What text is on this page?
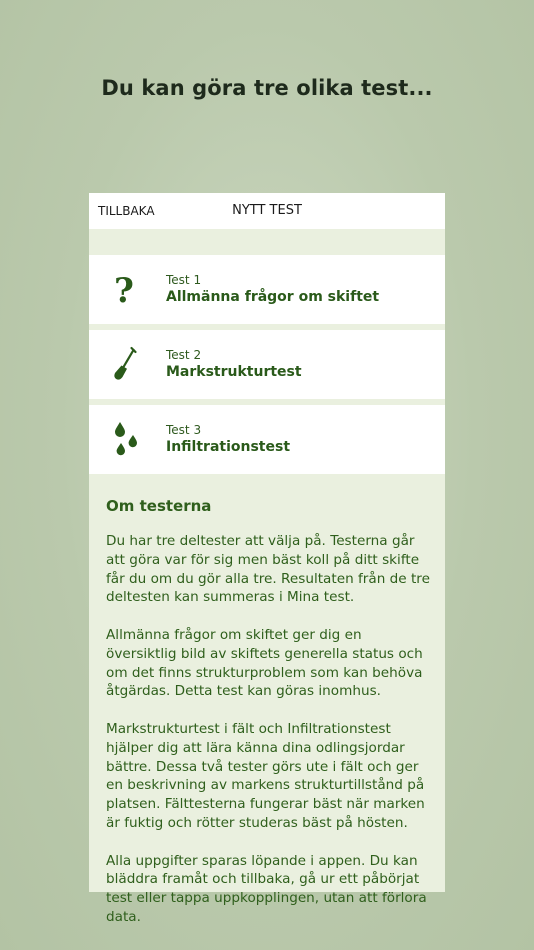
Du kan göra tre olika test...
TILLBAKA	NYTT TEST
?	Test 1
Allmänna frågor om skiftet
Test 2
Markstrukturtest
Test 3
Infiltrationstest
Om testerna

Du har tre deltester att välja på. Testerna går att göra var för sig men bäst koll på ditt skifte får du om du gör alla tre. Resultaten från de tre deltesten kan summeras i Mina test.

Allmänna frågor om skiftet ger dig en översiktlig bild av skiftets generella status och om det finns strukturproblem som kan behöva åtgärdas. Detta test kan göras inomhus.

Markstrukturtest i fält och Infiltrationstest hjälper dig att lära känna dina odlingsjordar bättre. Dessa två tester görs ute i fält och ger en beskrivning av markens strukturtillstånd på platsen. Fälttesterna fungerar bäst när marken är fuktig och rötter studeras bäst på hösten.

Alla uppgifter sparas löpande i appen. Du kan bläddra framåt och tillbaka, gå ur ett påbörjat test eller tappa uppkopplingen, utan att förlora data.
